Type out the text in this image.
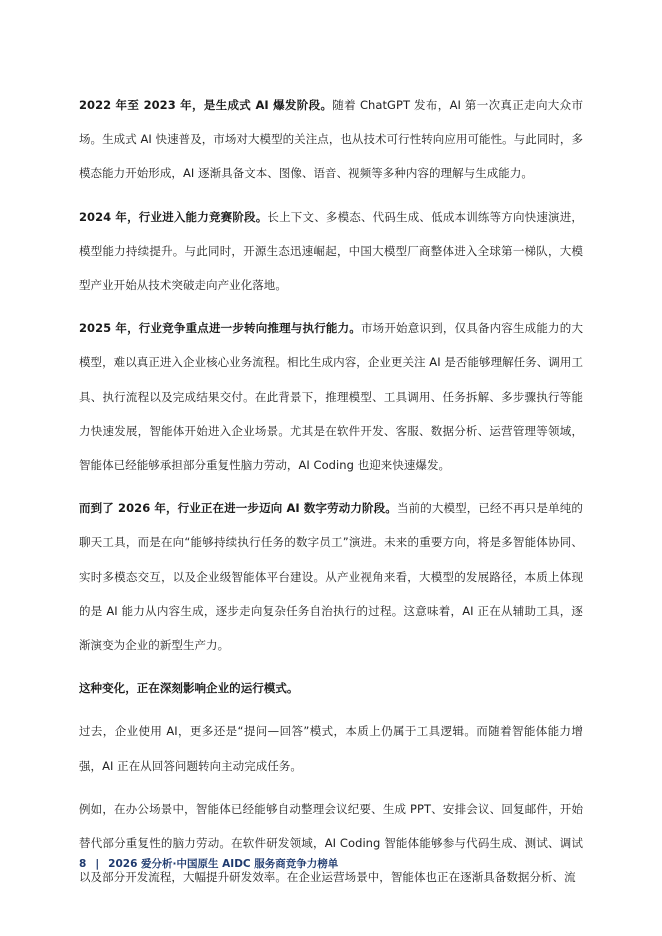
2022 年至 2023 年，是生成式 AI 爆发阶段。随着 ChatGPT 发布，AI 第一次真正走向大众市场。生成式 AI 快速普及，市场对大模型的关注点，也从技术可行性转向应用可能性。与此同时，多模态能力开始形成，AI 逐渐具备文本、图像、语音、视频等多种内容的理解与生成能力。

2024 年，行业进入能力竞赛阶段。长上下文、多模态、代码生成、低成本训练等方向快速演进，模型能力持续提升。与此同时，开源生态迅速崛起，中国大模型厂商整体进入全球第一梯队，大模型产业开始从技术突破走向产业化落地。

2025 年，行业竞争重点进一步转向推理与执行能力。市场开始意识到，仅具备内容生成能力的大模型，难以真正进入企业核心业务流程。相比生成内容，企业更关注 AI 是否能够理解任务、调用工具、执行流程以及完成结果交付。在此背景下，推理模型、工具调用、任务拆解、多步骤执行等能力快速发展，智能体开始进入企业场景。尤其是在软件开发、客服、数据分析、运营管理等领域，智能体已经能够承担部分重复性脑力劳动，AI Coding 也迎来快速爆发。

而到了 2026 年，行业正在进一步迈向 AI 数字劳动力阶段。当前的大模型，已经不再只是单纯的聊天工具，而是在向“能够持续执行任务的数字员工”演进。未来的重要方向，将是多智能体协同、实时多模态交互，以及企业级智能体平台建设。从产业视角来看，大模型的发展路径，本质上体现的是 AI 能力从内容生成，逐步走向复杂任务自治执行的过程。这意味着，AI 正在从辅助工具，逐渐演变为企业的新型生产力。

这种变化，正在深刻影响企业的运行模式。

过去，企业使用 AI，更多还是“提问—回答”模式，本质上仍属于工具逻辑。而随着智能体能力增强，AI 正在从回答问题转向主动完成任务。

例如，在办公场景中，智能体已经能够自动整理会议纪要、生成 PPT、安排会议、回复邮件，开始替代部分重复性的脑力劳动。在软件研发领域，AI Coding 智能体能够参与代码生成、测试、调试以及部分开发流程，大幅提升研发效率。在企业运营场景中，智能体也正在逐渐具备数据分析、流

8 | 2026 爱分析·中国原生 AIDC 服务商竞争力榜单
